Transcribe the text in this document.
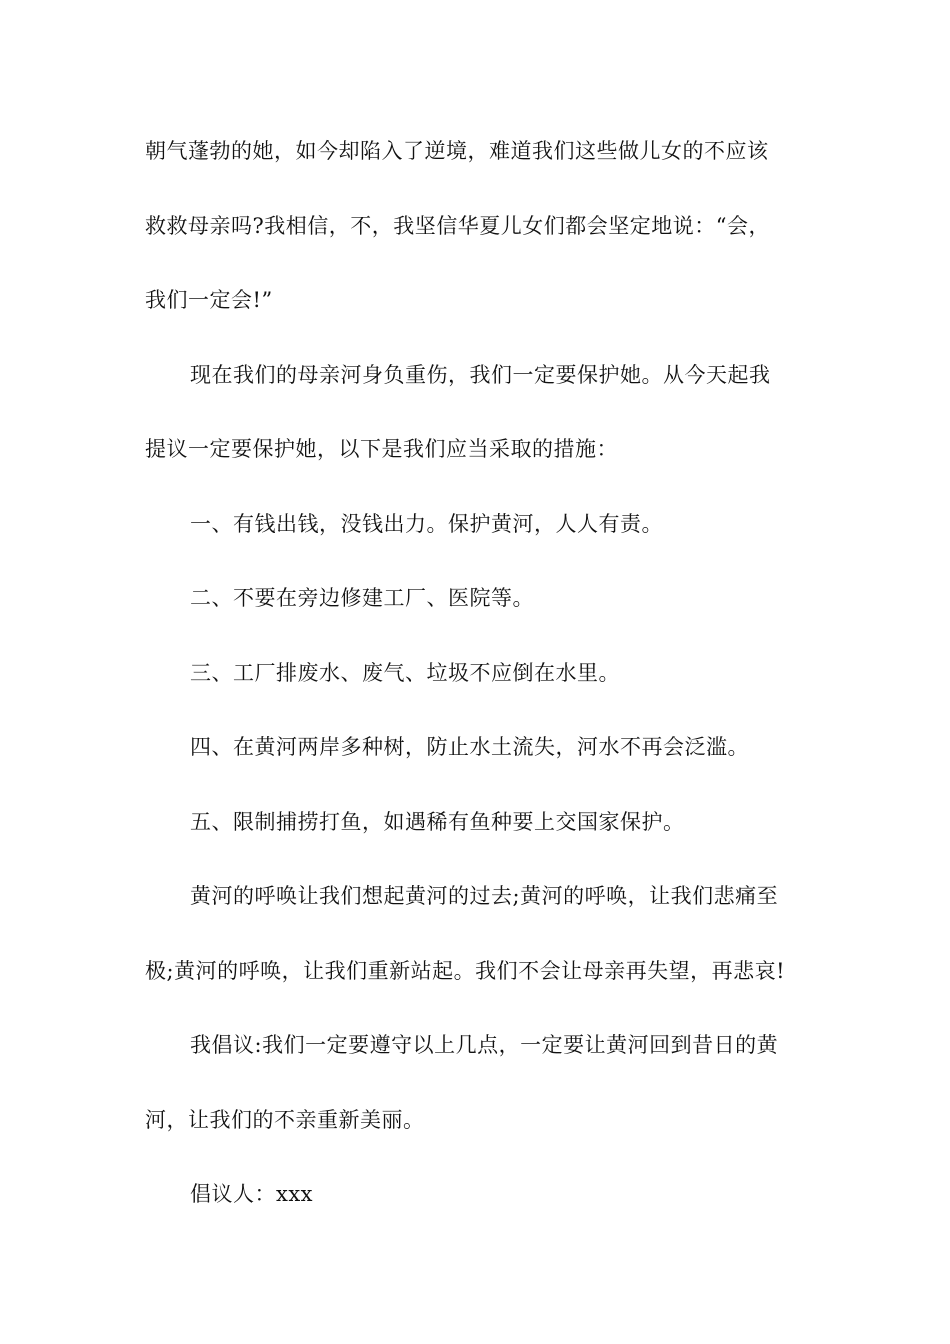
朝气蓬勃的她，如今却陷入了逆境，难道我们这些做儿女的不应该
救救母亲吗?我相信，不，我坚信华夏儿女们都会坚定地说：“会，
我们一定会!”
现在我们的母亲河身负重伤，我们一定要保护她。从今天起我
提议一定要保护她，以下是我们应当采取的措施：
一、有钱出钱，没钱出力。保护黄河，人人有责。
二、不要在旁边修建工厂、医院等。
三、工厂排废水、废气、垃圾不应倒在水里。
四、在黄河两岸多种树，防止水土流失，河水不再会泛滥。
五、限制捕捞打鱼，如遇稀有鱼种要上交国家保护。
黄河的呼唤让我们想起黄河的过去;黄河的呼唤，让我们悲痛至
极;黄河的呼唤，让我们重新站起。我们不会让母亲再失望，再悲哀!
我倡议:我们一定要遵守以上几点，一定要让黄河回到昔日的黄
河，让我们的不亲重新美丽。
倡议人：xxx
